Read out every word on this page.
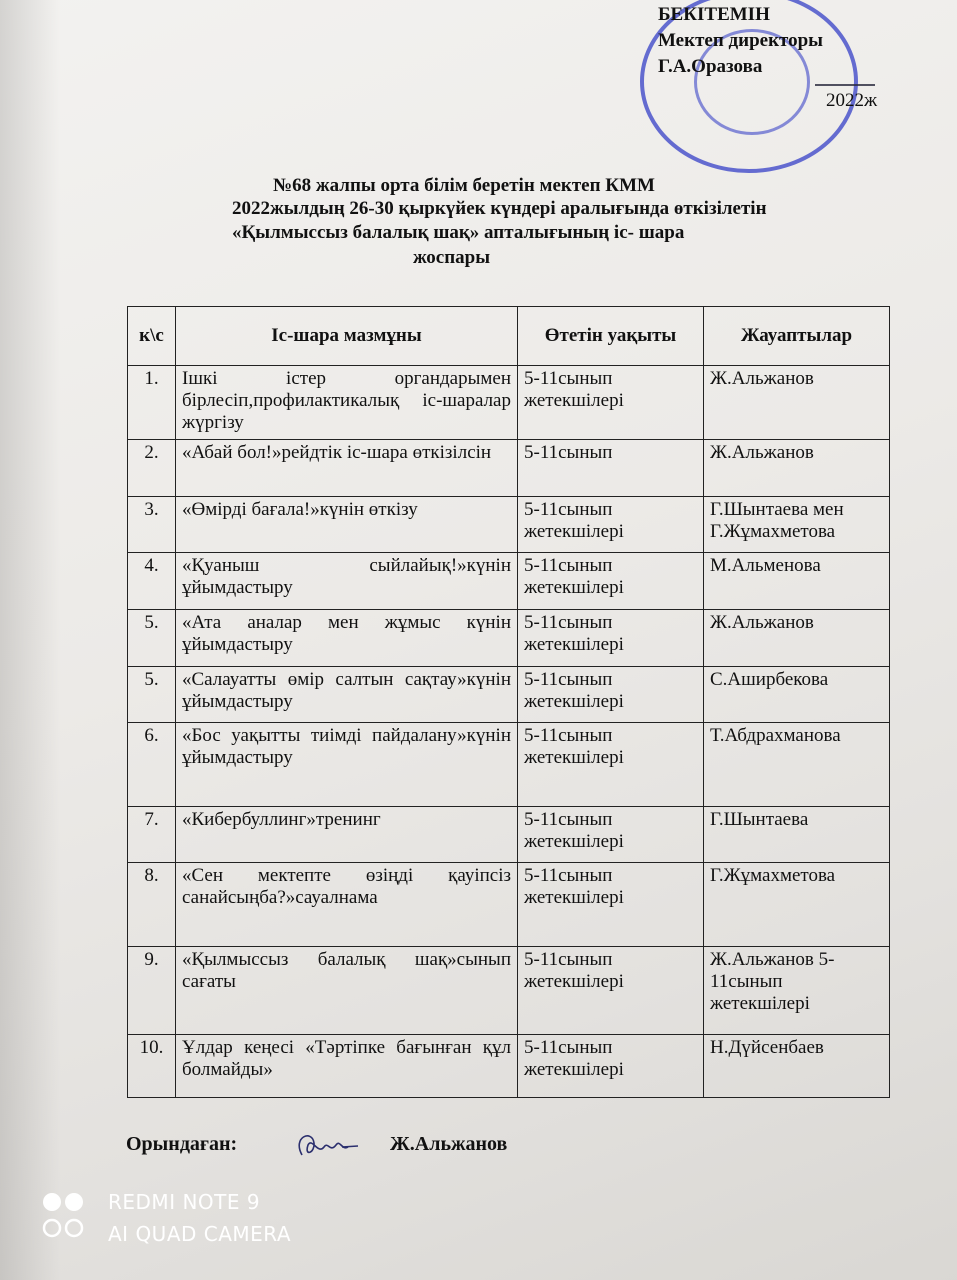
БЕКІТЕМІН
Мектеп директоры
Г.А.Оразова
2022ж
№68 жалпы орта білім беретін мектеп КММ
2022жылдың 26-30 қыркүйек күндері аралығында өткізілетін
«Қылмыссыз балалық шақ» апталығының іс- шара
жоспары
к\с	Іс-шара мазмұны	Өтетін уақыты	Жауаптылар
1.	Ішкі істер органдарымен бірлесіп,профилактикалық іс-шаралар жүргізу	5-11сынып жетекшілері	Ж.Альжанов
2.	«Абай бол!»рейдтік іс-шара өткізілсін	5-11сынып	Ж.Альжанов
3.	«Өмірді бағала!»күнін өткізу	5-11сынып жетекшілері	Г.Шынтаева мен Г.Жұмахметова
4.	«Қуаныш сыйлайық!»күнін ұйымдастыру	5-11сынып жетекшілері	М.Альменова
5.	«Ата аналар мен жұмыс күнін ұйымдастыру	5-11сынып жетекшілері	Ж.Альжанов
5.	«Салауатты өмір салтын сақтау»күнін ұйымдастыру	5-11сынып жетекшілері	С.Аширбекова
6.	«Бос уақытты тиімді пайдалану»күнін ұйымдастыру	5-11сынып жетекшілері	Т.Абдрахманова
7.	«Кибербуллинг»тренинг	5-11сынып жетекшілері	Г.Шынтаева
8.	«Сен мектепте өзіңді қауіпсіз санайсыңба?»сауалнама	5-11сынып жетекшілері	Г.Жұмахметова
9.	«Қылмыссыз балалық шақ»сынып сағаты	5-11сынып жетекшілері	Ж.Альжанов 5-11сынып жетекшілері
10.	Ұлдар кеңесі «Тәртіпке бағынған құл болмайды»	5-11сынып жетекшілері	Н.Дүйсенбаев
Орындаған:	Ж.Альжанов
REDMI NOTE 9
AI QUAD CAMERA
